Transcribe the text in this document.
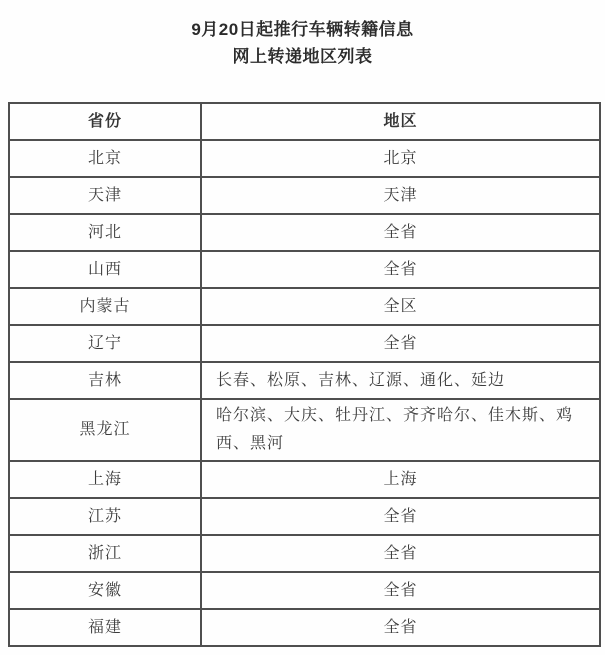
9月20日起推行车辆转籍信息
网上转递地区列表
省份	地区
北京	北京
天津	天津
河北	全省
山西	全省
内蒙古	全区
辽宁	全省
吉林	长春、松原、吉林、辽源、通化、延边
黑龙江	哈尔滨、大庆、牡丹江、齐齐哈尔、佳木斯、鸡西、黑河
上海	上海
江苏	全省
浙江	全省
安徽	全省
福建	全省
